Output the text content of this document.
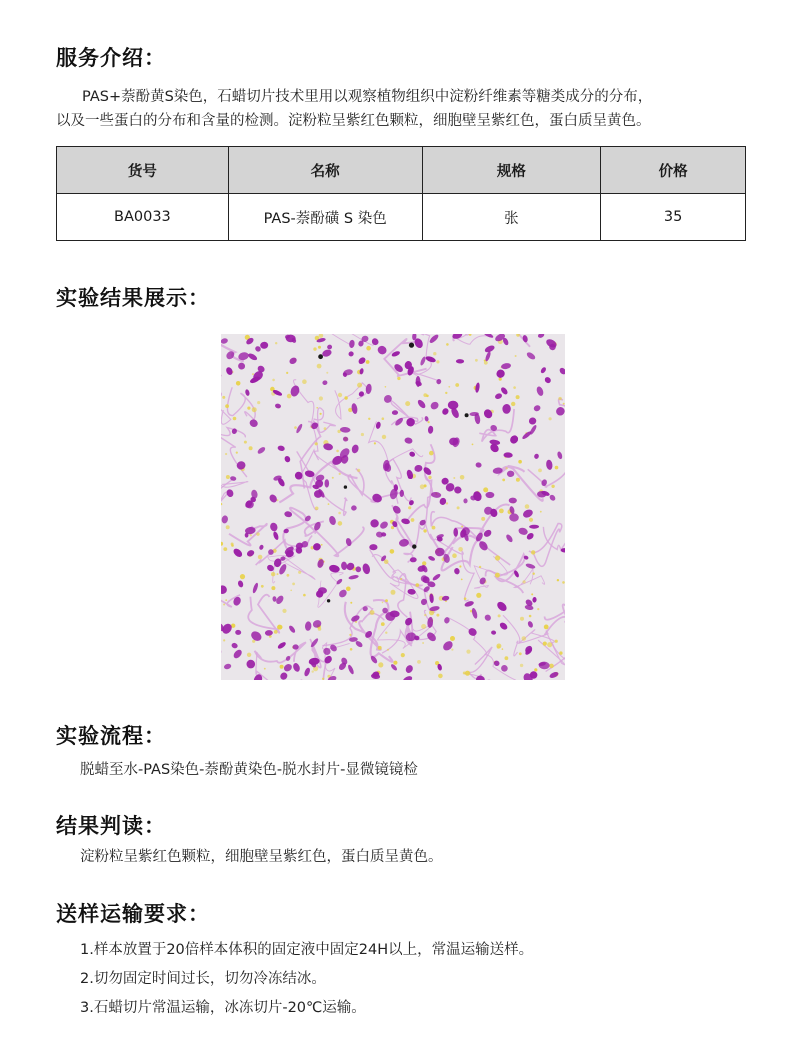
服务介绍：

PAS+萘酚黄S染色，石蜡切片技术里用以观察植物组织中淀粉纤维素等糖类成分的分布，

以及一些蛋白的分布和含量的检测。淀粉粒呈紫红色颗粒，细胞壁呈紫红色，蛋白质呈黄色。

货号	名称	规格	价格
BA0033	PAS-萘酚磺 S 染色	张	35
实验结果展示：
实验流程：

脱蜡至水-PAS染色-萘酚黄染色-脱水封片-显微镜镜检

结果判读：

淀粉粒呈紫红色颗粒，细胞壁呈紫红色，蛋白质呈黄色。

送样运输要求：
1.样本放置于20倍样本体积的固定液中固定24H以上，常温运输送样。
2.切勿固定时间过长，切勿冷冻结冰。
3.石蜡切片常温运输，冰冻切片-20℃运输。
